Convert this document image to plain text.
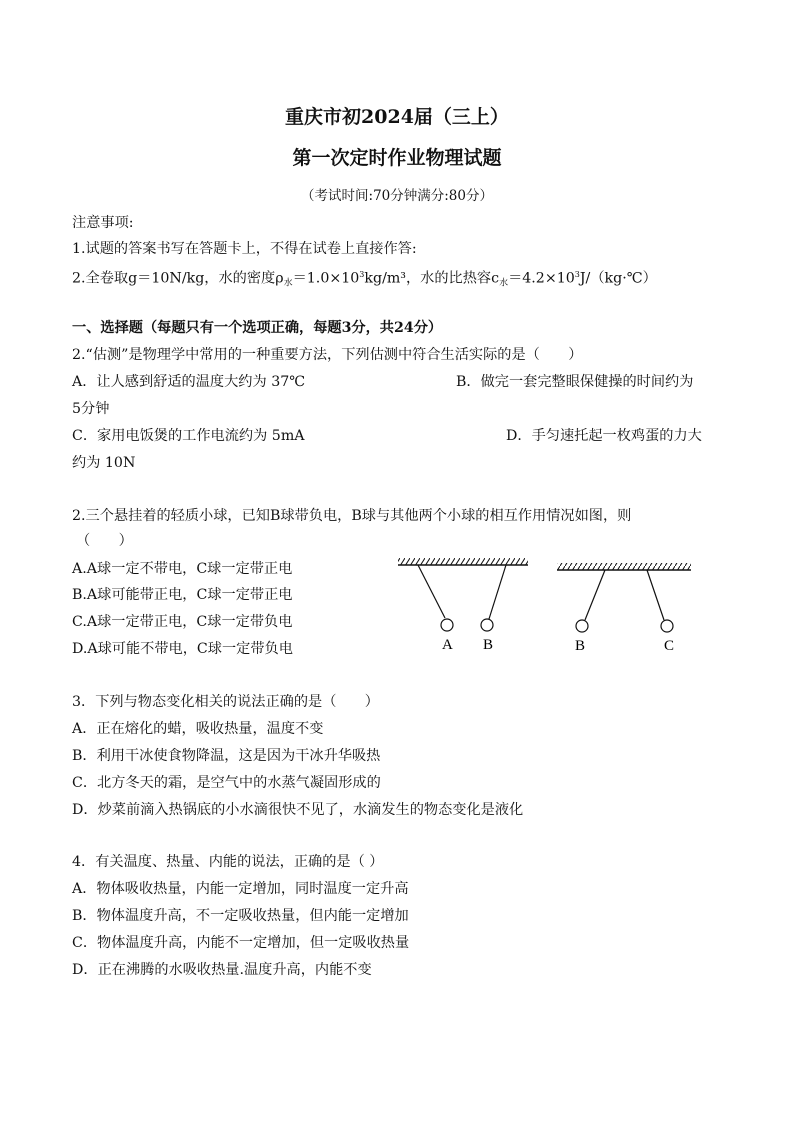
重庆市初2024届（三上）
第一次定时作业物理试题
（考试时间:70分钟满分:80分）
注意事项:
1.试题的答案书写在答题卡上，不得在试卷上直接作答:
2.全卷取g＝10N/kg，水的密度$\rho_水=1.0\times 10^3kg/m^3$，水的比热容$c_水=4.2\times 10^3J/(kg\cdot℃)$
一、选择题（每题只有一个选项正确，每题3分，共24分）
2.“估测”是物理学中常用的一种重要方法，下列估测中符合生活实际的是（　　）
A．让人感到舒适的温度大约为 37℃	B．做完一套完整眼保健操的时间约为
5分钟
C．家用电饭煲的工作电流约为 5mA	D．手匀速托起一枚鸡蛋的力大
约为 10N
2.三个悬挂着的轻质小球，已知B球带负电，B球与其他两个小球的相互作用情况如图，则
（　　）
A.A球一定不带电，C球一定带正电
B.A球可能带正电，C球一定带正电
C.A球一定带正电，C球一定带负电
D.A球可能不带电，C球一定带负电	A B	B	C
3．下列与物态变化相关的说法正确的是（　　）
A．正在熔化的蜡，吸收热量，温度不变
B．利用干冰使食物降温，这是因为干冰升华吸热
C．北方冬天的霜，是空气中的水蒸气凝固形成的
D．炒菜前滴入热锅底的小水滴很快不见了，水滴发生的物态变化是液化
4．有关温度、热量、内能的说法，正确的是（ ）
A．物体吸收热量，内能一定增加，同时温度一定升高
B．物体温度升高，不一定吸收热量，但内能一定增加
C．物体温度升高，内能不一定增加，但一定吸收热量
D．正在沸腾的水吸收热量.温度升高，内能不变
